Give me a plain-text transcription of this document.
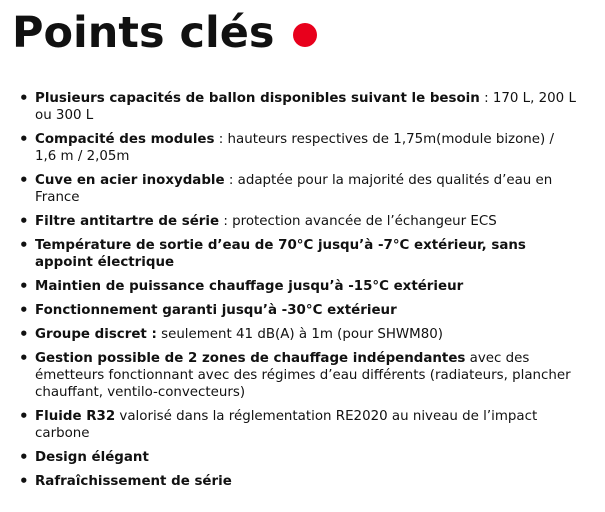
Points clés
• Plusieurs capacités de ballon disponibles suivant le besoin : 170 L, 200 L ou 300 L
• Compacité des modules : hauteurs respectives de 1,75m(module bizone) / 1,6 m / 2,05m
• Cuve en acier inoxydable : adaptée pour la majorité des qualités d’eau en France
• Filtre antitartre de série : protection avancée de l’échangeur ECS
• Température de sortie d’eau de 70°C jusqu’à -7°C extérieur, sans appoint électrique
• Maintien de puissance chauffage jusqu’à -15°C extérieur
• Fonctionnement garanti jusqu’à -30°C extérieur
• Groupe discret : seulement 41 dB(A) à 1m (pour SHWM80)
• Gestion possible de 2 zones de chauffage indépendantes avec des émetteurs fonctionnant avec des régimes d’eau différents (radiateurs, plancher chauffant, ventilo-convecteurs)
• Fluide R32 valorisé dans la réglementation RE2020 au niveau de l’impact carbone
• Design élégant
• Rafraîchissement de série
